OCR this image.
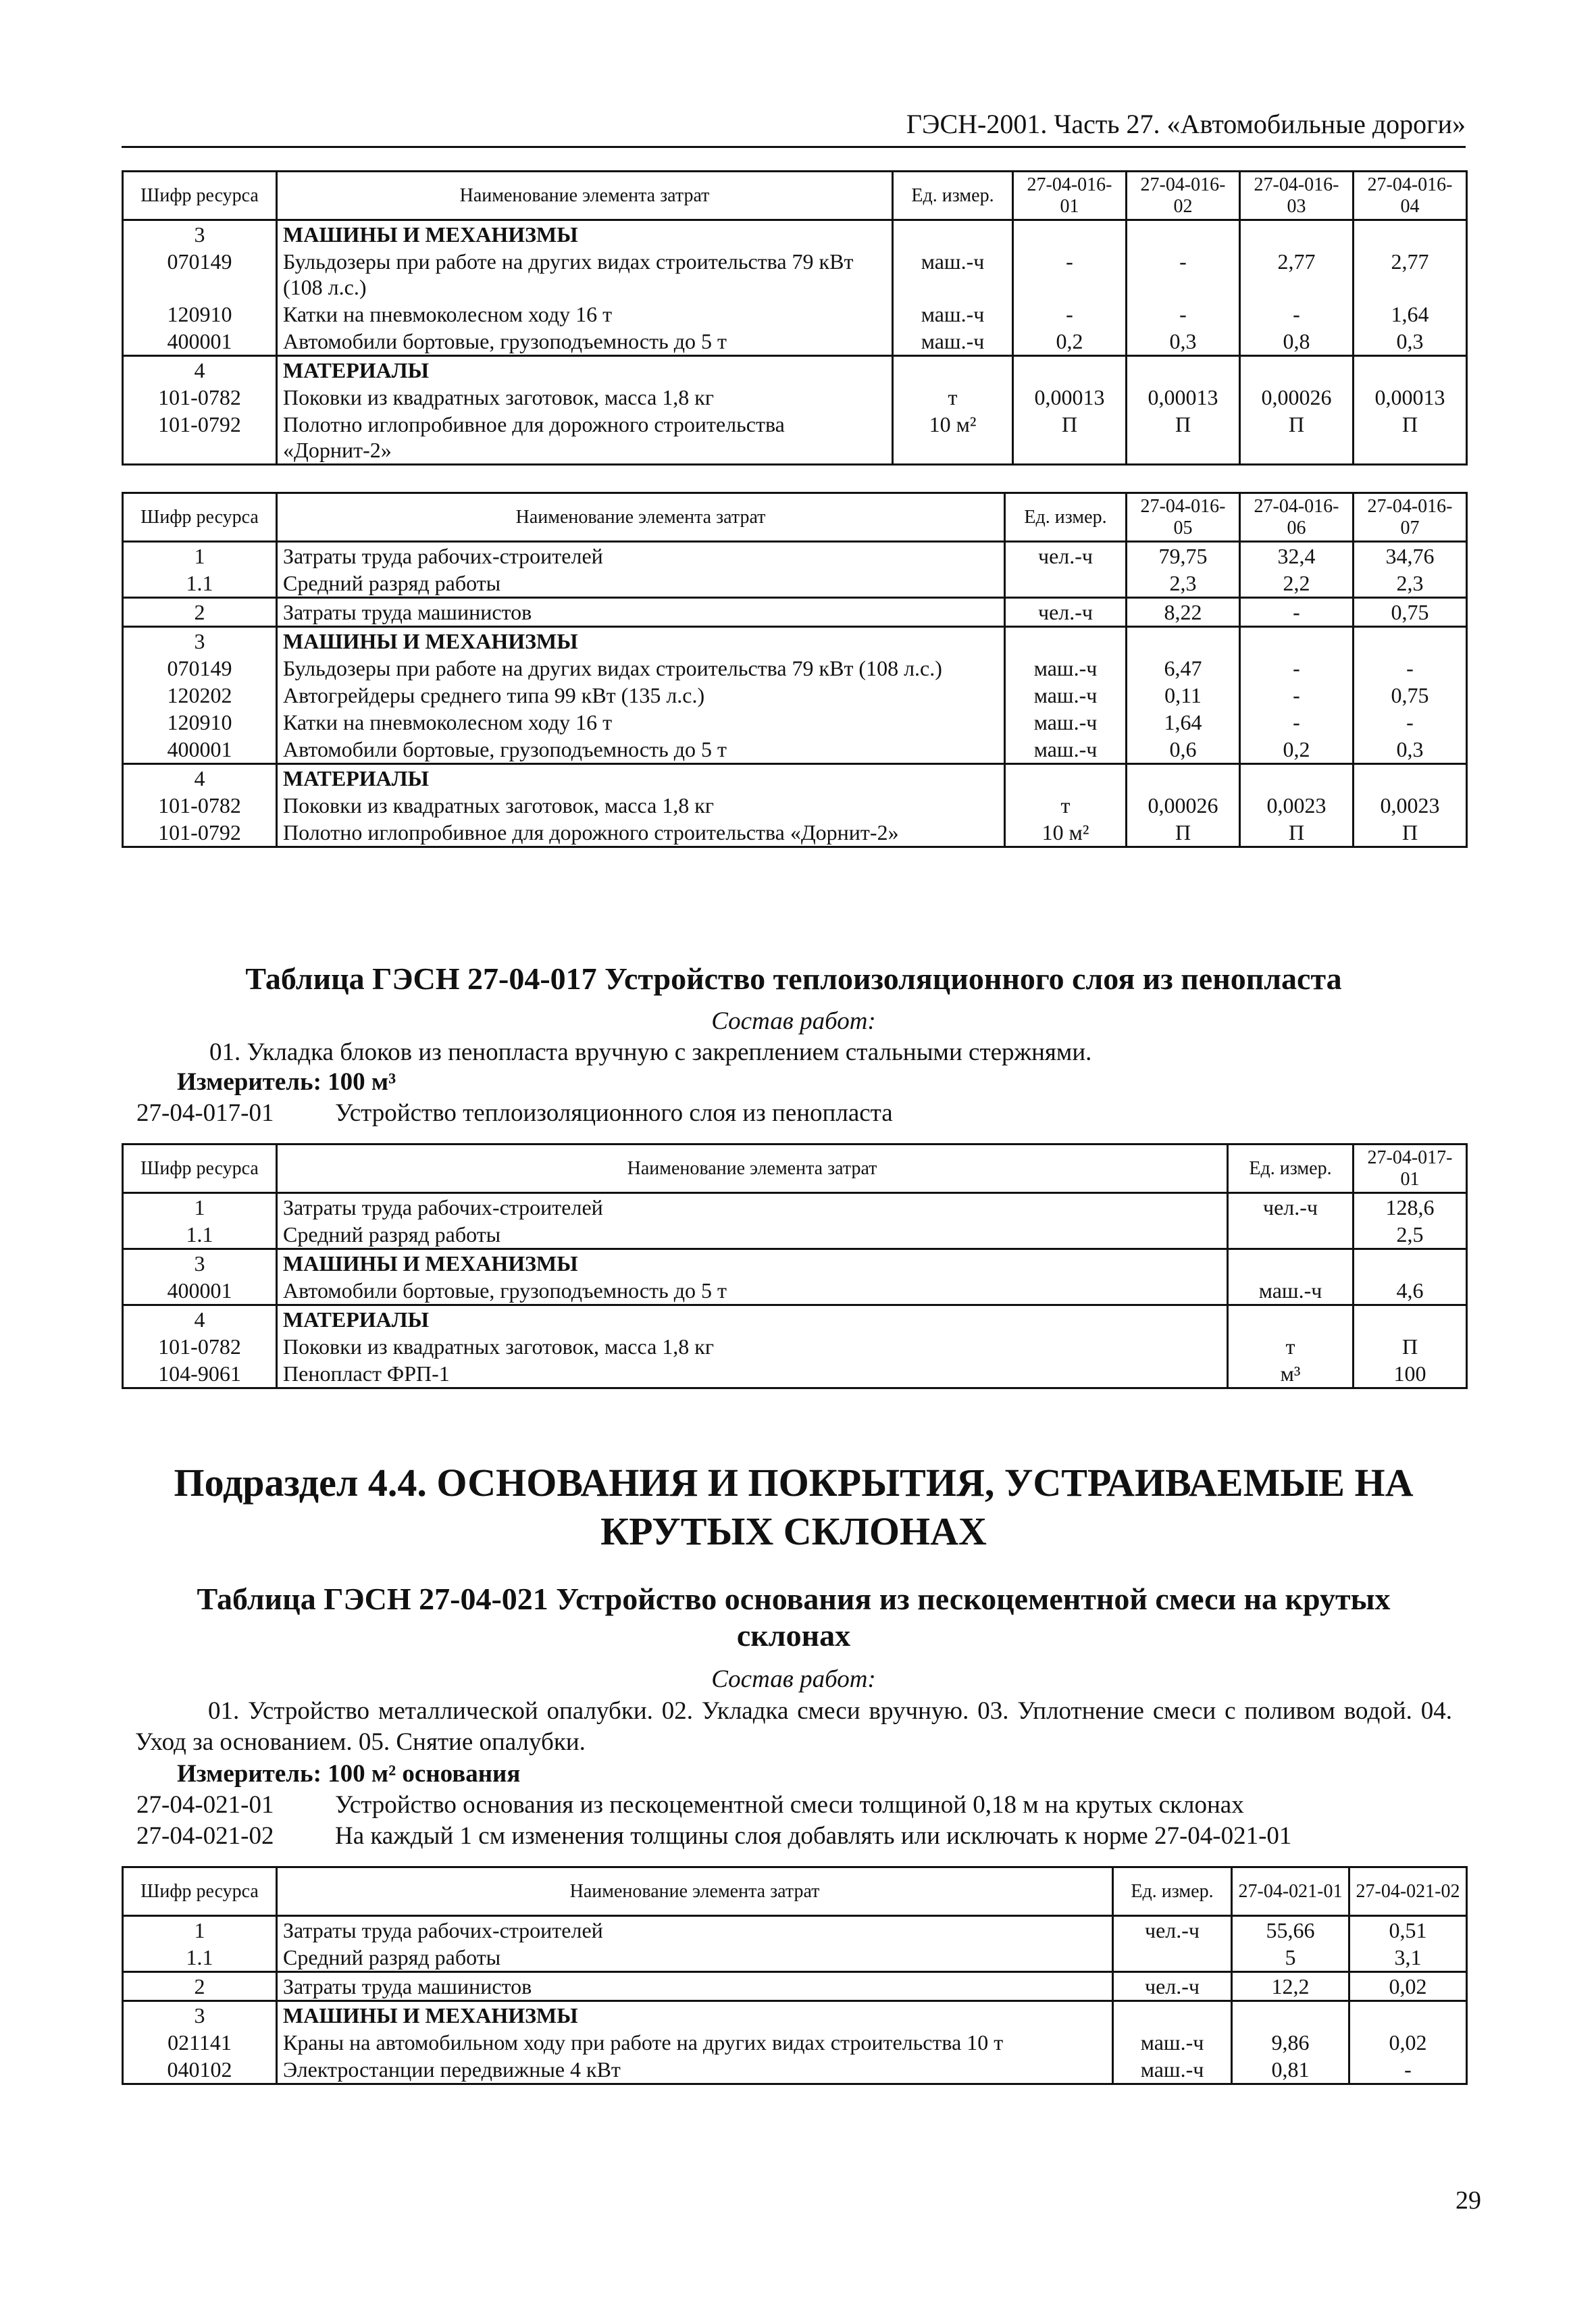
ГЭСН-2001. Часть 27. «Автомобильные дороги»
Шифр ресурса	Наименование элемента затрат	Ед. измер.	27-04-016-01	27-04-016-02	27-04-016-03	27-04-016-04
3	МАШИНЫ И МЕХАНИЗМЫ					
070149	Бульдозеры при работе на других видах строительства 79 кВт (108 л.с.)	маш.-ч	-	-	2,77	2,77
120910	Катки на пневмоколесном ходу 16 т	маш.-ч	-	-	-	1,64
400001	Автомобили бортовые, грузоподъемность до 5 т	маш.-ч	0,2	0,3	0,8	0,3
4	МАТЕРИАЛЫ					
101-0782	Поковки из квадратных заготовок, масса 1,8 кг	т	0,00013	0,00013	0,00026	0,00013
101-0792	Полотно иглопробивное для дорожного строительства «Дорнит-2»	10 м²	П	П	П	П
Шифр ресурса	Наименование элемента затрат	Ед. измер.	27-04-016-05	27-04-016-06	27-04-016-07
1	Затраты труда рабочих-строителей	чел.-ч	79,75	32,4	34,76
1.1	Средний разряд работы		2,3	2,2	2,3
2	Затраты труда машинистов	чел.-ч	8,22	-	0,75
3	МАШИНЫ И МЕХАНИЗМЫ				
070149	Бульдозеры при работе на других видах строительства 79 кВт (108 л.с.)	маш.-ч	6,47	-	-
120202	Автогрейдеры среднего типа 99 кВт (135 л.с.)	маш.-ч	0,11	-	0,75
120910	Катки на пневмоколесном ходу 16 т	маш.-ч	1,64	-	-
400001	Автомобили бортовые, грузоподъемность до 5 т	маш.-ч	0,6	0,2	0,3
4	МАТЕРИАЛЫ				
101-0782	Поковки из квадратных заготовок, масса 1,8 кг	т	0,00026	0,0023	0,0023
101-0792	Полотно иглопробивное для дорожного строительства «Дорнит-2»	10 м²	П	П	П
Таблица ГЭСН 27-04-017 Устройство теплоизоляционного слоя из пенопласта
Состав работ:
01. Укладка блоков из пенопласта вручную с закреплением стальными стержнями.
Измеритель: 100 м³
27-04-017-01 Устройство теплоизоляционного слоя из пенопласта
Шифр ресурса	Наименование элемента затрат	Ед. измер.	27-04-017-01
1	Затраты труда рабочих-строителей	чел.-ч	128,6
1.1	Средний разряд работы		2,5
3	МАШИНЫ И МЕХАНИЗМЫ		
400001	Автомобили бортовые, грузоподъемность до 5 т	маш.-ч	4,6
4	МАТЕРИАЛЫ		
101-0782	Поковки из квадратных заготовок, масса 1,8 кг	т	П
104-9061	Пенопласт ФРП-1	м³	100
Подраздел 4.4. ОСНОВАНИЯ И ПОКРЫТИЯ, УСТРАИВАЕМЫЕ НА
КРУТЫХ СКЛОНАХ
Таблица ГЭСН 27-04-021 Устройство основания из пескоцементной смеси на крутых
склонах
Состав работ:
01. Устройство металлической опалубки. 02. Укладка смеси вручную. 03. Уплотнение смеси с поливом водой. 04. Уход за основанием. 05. Снятие опалубки.
Измеритель: 100 м² основания
27-04-021-01 Устройство основания из пескоцементной смеси толщиной 0,18 м на крутых склонах
27-04-021-02 На каждый 1 см изменения толщины слоя добавлять или исключать к норме 27-04-021-01
Шифр ресурса	Наименование элемента затрат	Ед. измер.	27-04-021-01	27-04-021-02
1	Затраты труда рабочих-строителей	чел.-ч	55,66	0,51
1.1	Средний разряд работы		5	3,1
2	Затраты труда машинистов	чел.-ч	12,2	0,02
3	МАШИНЫ И МЕХАНИЗМЫ			
021141	Краны на автомобильном ходу при работе на других видах строительства 10 т	маш.-ч	9,86	0,02
040102	Электростанции передвижные 4 кВт	маш.-ч	0,81	-
29
